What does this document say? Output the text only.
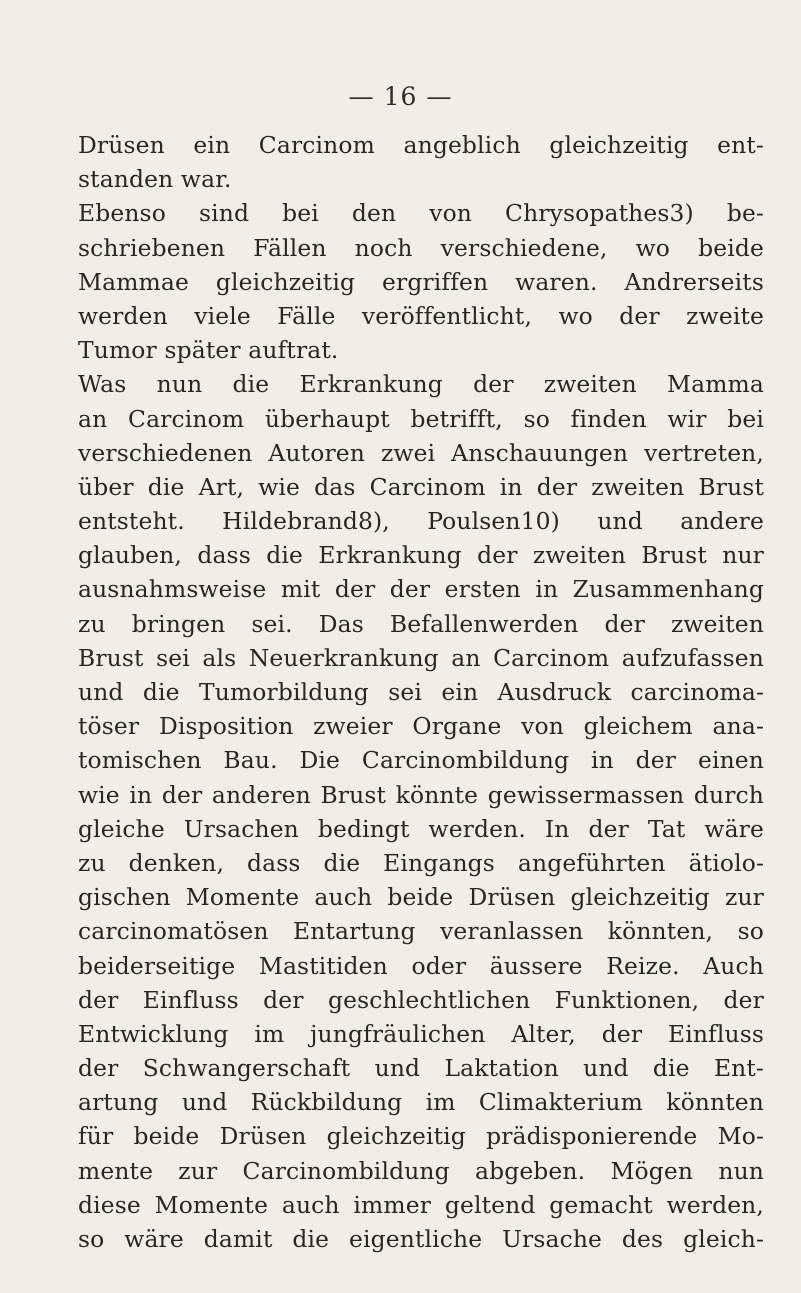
— 16 —
Drüsen ein Carcinom angeblich gleichzeitig ent-
standen war.
Ebenso sind bei den von Chrysopathes3) be-
schriebenen Fällen noch verschiedene, wo beide
Mammae gleichzeitig ergriffen waren. Andrerseits
werden viele Fälle veröffentlicht, wo der zweite
Tumor später auftrat.
Was nun die Erkrankung der zweiten Mamma
an Carcinom überhaupt betrifft, so finden wir bei
verschiedenen Autoren zwei Anschauungen vertreten,
über die Art, wie das Carcinom in der zweiten Brust
entsteht. Hildebrand8), Poulsen10) und andere
glauben, dass die Erkrankung der zweiten Brust nur
ausnahmsweise mit der der ersten in Zusammenhang
zu bringen sei. Das Befallenwerden der zweiten
Brust sei als Neuerkrankung an Carcinom aufzufassen
und die Tumorbildung sei ein Ausdruck carcinoma-
töser Disposition zweier Organe von gleichem ana-
tomischen Bau. Die Carcinombildung in der einen
wie in der anderen Brust könnte gewissermassen durch
gleiche Ursachen bedingt werden. In der Tat wäre
zu denken, dass die Eingangs angeführten ätiolo-
gischen Momente auch beide Drüsen gleichzeitig zur
carcinomatösen Entartung veranlassen könnten, so
beiderseitige Mastitiden oder äussere Reize. Auch
der Einfluss der geschlechtlichen Funktionen, der
Entwicklung im jungfräulichen Alter, der Einfluss
der Schwangerschaft und Laktation und die Ent-
artung und Rückbildung im Climakterium könnten
für beide Drüsen gleichzeitig prädisponierende Mo-
mente zur Carcinombildung abgeben. Mögen nun
diese Momente auch immer geltend gemacht werden,
so wäre damit die eigentliche Ursache des gleich-
